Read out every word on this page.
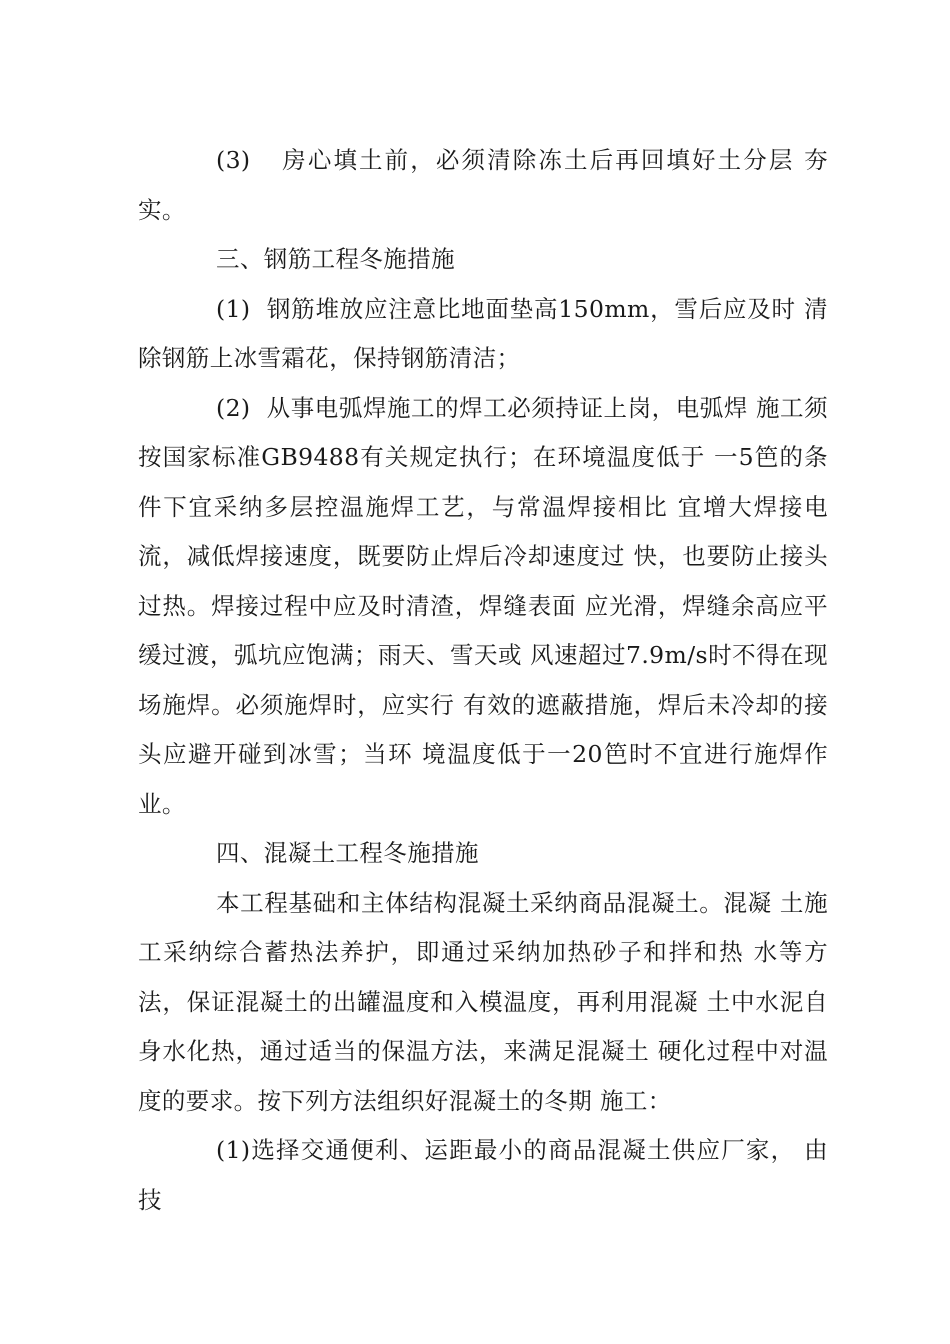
(3) 房心填土前，必须清除冻土后再回填好土分层 夯实。

三、钢筋工程冬施措施

(1) 钢筋堆放应注意比地面垫高150mm，雪后应及时 清除钢筋上冰雪霜花，保持钢筋清洁；

(2) 从事电弧焊施工的焊工必须持证上岗，电弧焊 施工须按国家标准GB9488有关规定执行；在环境温度低于 一5笆的条件下宜采纳多层控温施焊工艺，与常温焊接相比 宜增大焊接电流，减低焊接速度，既要防止焊后冷却速度过 快，也要防止接头过热。焊接过程中应及时清渣，焊缝表面 应光滑，焊缝余高应平缓过渡，弧坑应饱满；雨天、雪天或 风速超过7.9m/s时不得在现场施焊。必须施焊时，应实行 有效的遮蔽措施，焊后未冷却的接头应避开碰到冰雪；当环 境温度低于一20笆时不宜进行施焊作业。

四、混凝土工程冬施措施

本工程基础和主体结构混凝土采纳商品混凝土。混凝 土施工采纳综合蓄热法养护，即通过采纳加热砂子和拌和热 水等方法，保证混凝土的出罐温度和入模温度，再利用混凝 土中水泥自身水化热，通过适当的保温方法，来满足混凝土 硬化过程中对温度的要求。按下列方法组织好混凝土的冬期 施工：

(1)选择交通便利、运距最小的商品混凝土供应厂家， 由技
